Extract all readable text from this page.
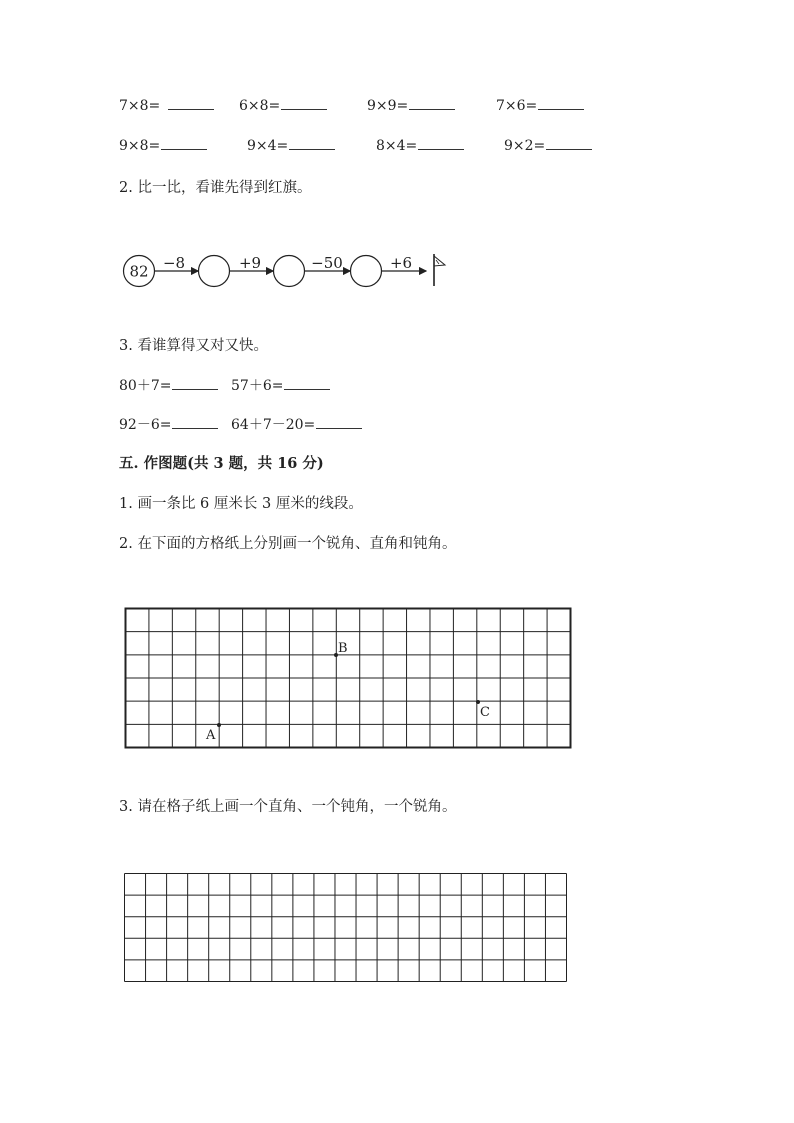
7×8=	6×8=	9×9=	7×6=
9×8=	9×4=	8×4=	9×2=
2. 比一比，看谁先得到红旗。
82 −8	+9	−50	+6
3. 看谁算得又对又快。
80＋7=	57＋6=
92－6=	64＋7－20=
五. 作图题(共 3 题，共 16 分)
1. 画一条比 6 厘米长 3 厘米的线段。
2. 在下面的方格纸上分别画一个锐角、直角和钝角。
A
B
C
3. 请在格子纸上画一个直角、一个钝角，一个锐角。
